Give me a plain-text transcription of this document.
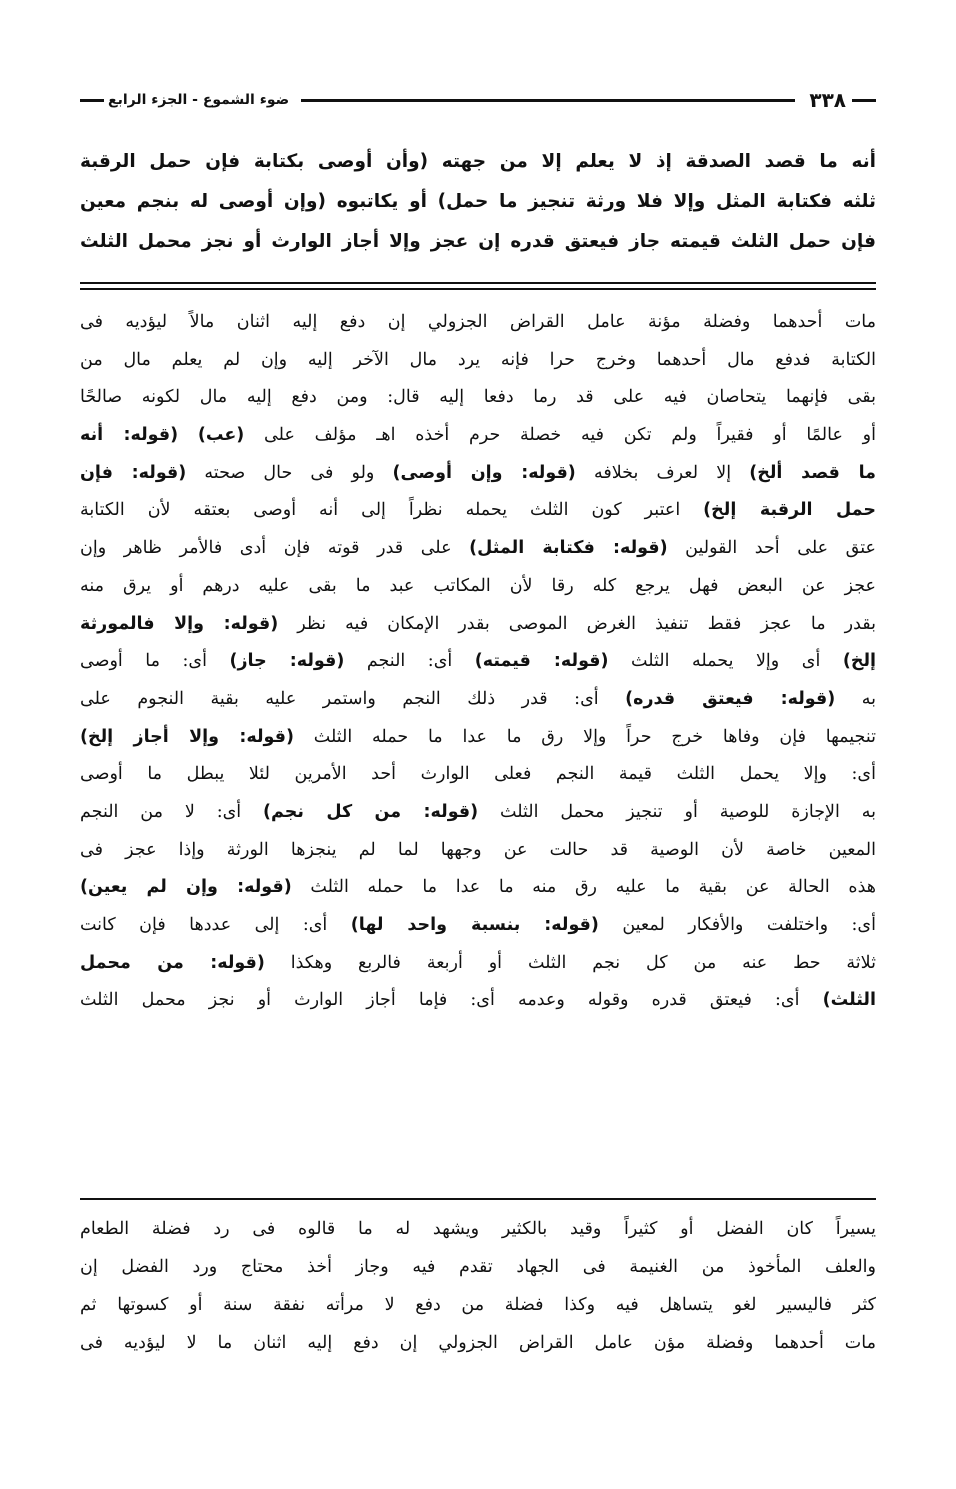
٣٣٨
ضوء الشموع - الجزء الرابع
أنه ما قصد الصدقة إذ لا يعلم إلا من جهته (وأن أوصى بكتابة فإن حمل الرقبة
ثلثه فكتابة المثل وإلا فلا ورثة تنجيز ما حمل) أو يكاتبوه (وإن أوصى له بنجم معين
فإن حمل الثلث قيمته جاز فيعتق قدره إن عجز وإلا أجاز الوارث أو نجز محمل الثلث
مات أحدهما وفضلة مؤنة عامل القراض الجزولي إن دفع إليه اثنان مالاً ليؤديه فى
الكتابة فدفع مال أحدهما وخرج حرا فإنه يرد مال الآخر إليه وإن لم يعلم مال من
بقى فإنهما يتحاصان فيه على قد رما دفعا إليه قال: ومن دفع إليه مال لكونه صالحًا
أو عالمًا أو فقيراً ولم تكن فيه خصلة حرم أخذه اهـ مؤلف على (عب) (قوله: أنه
ما قصد ألخ) إلا لعرف بخلافه (قوله: وإن أوصى) ولو فى حال صحته (قوله: فإن
حمل الرقبة إلخ) اعتبر كون الثلث يحمله نظراً إلى أنه أوصى بعتقه لأن الكتابة
عتق على أحد القولين (قوله: فكتابة المثل) على قدر قوته فإن أدى فالأمر ظاهر وإن
عجز عن البعض فهل يرجع كله رقا لأن المكاتب عبد ما بقى عليه درهم أو يرق منه
بقدر ما عجز فقط تنفيذ الغرض الموصى بقدر الإمكان فيه نظر (قوله: وإلا فالمورثة
إلخ) أى وإلا يحمله الثلث (قوله: قيمته) أى: النجم (قوله: جاز) أى: ما أوصى
به (قوله: فيعتق قدره) أى: قدر ذلك النجم واستمر عليه بقية النجوم على
تنجيمها فإن وفاها خرج حراً وإلا رق ما عدا ما حمله الثلث (قوله: وإلا أجاز إلخ)
أى: وإلا يحمل الثلث قيمة النجم فعلى الوارث أحد الأمرين لئلا يبطل ما أوصى
به الإجازة للوصية أو تنجيز محمل الثلث (قوله: من كل نجم) أى: لا من النجم
المعين خاصة لأن الوصية قد حالت عن وجهها لما لم ينجزها الورثة وإذا عجز فى
هذه الحالة عن بقية ما عليه رق منه ما عدا ما حمله الثلث (قوله: وإن لم يعين)
أى: واختلفت والأفكار لمعين (قوله: بنسبة واحد لها) أى: إلى عددها فإن كانت
ثلاثة حط عنه من كل نجم الثلث أو أربعة فالربع وهكذا (قوله: من محمل
الثلث) أى: فيعتق قدره وقوله وعدمه أى: فإما أجاز الوارث أو نجز محمل الثلث
يسيراً كان الفضل أو كثيراً وقيد بالكثير ويشهد له ما قالوه فى رد فضلة الطعام
والعلف المأخوذ من الغنيمة فى الجهاد تقدم فيه وجاز أخذ محتاج ورد الفضل إن
كثر فاليسير لغو يتساهل فيه وكذا فضلة من دفع لا مرأته نفقة سنة أو كسوتها ثم
مات أحدهما وفضلة مؤن عامل القراض الجزولي إن دفع إليه اثنان ما لا ليؤديه فى
